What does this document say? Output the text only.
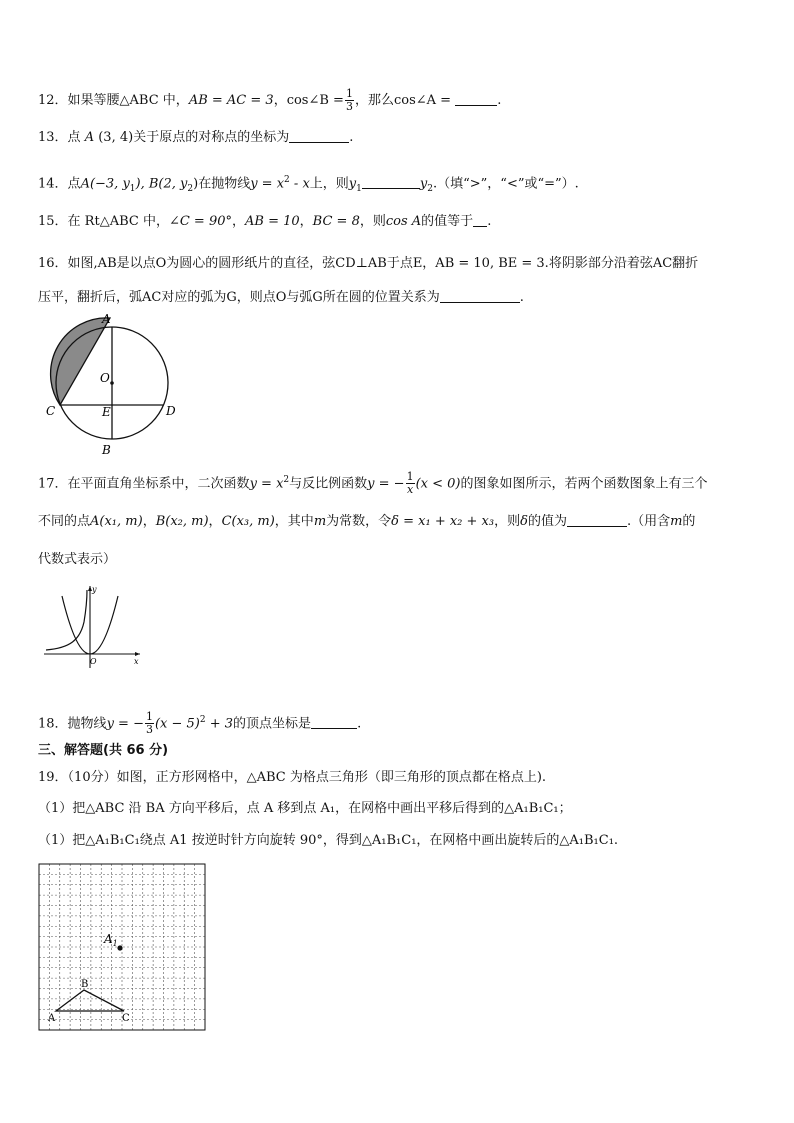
12．如果等腰△ABC 中，AB = AC = 3，cos∠B = $\frac{1}{3}$ ，那么cos∠A =	.
13．点 A (3, 4)关于原点的对称点的坐标为	.
14．点A(−3, $y_1$), B(2, $y_2$)在抛物线$y = x^2 - x$上，则$y_1$	$y_2$.（填“>”，“<”或“=”）.
15．在 Rt△ABC 中，∠C = 90°，AB = 10，BC = 8，则cos A的值等于 .
16．如图,AB是以点O为圆心的圆形纸片的直径，弦CD⊥AB于点E，AB = 10, BE = 3.将阴影部分沿着弦AC翻折
压平，翻折后，弧AC对应的弧为G，则点O与弧G所在圆的位置关系为	.
A
O
C	E	D
B
17．在平面直角坐标系中，二次函数$y = x^2$与反比例函数y = − $\frac{1}{x} (x < 0)$的图象如图所示，若两个函数图象上有三个
不同的点A(x₁, m)，B(x₂, m)，C(x₃, m)，其中m为常数，令δ = x₁ + x₂ + x₃，则δ的值为	.（用含m的
代数式表示）
y
x
O
18．抛物线y = − $\frac{1}{3} (x - 5)^2 + 3$的顶点坐标是	.
三、解答题(共 66 分)
19．（10分）如图，正方形网格中，△ABC 为格点三角形（即三角形的顶点都在格点上).
（1）把△ABC 沿 BA 方向平移后，点 A 移到点 A₁，在网格中画出平移后得到的△A₁B₁C₁；
（1）把△A₁B₁C₁绕点 A1 按逆时针方向旋转 90°，得到△A₁B₁C₁，在网格中画出旋转后的△A₁B₁C₁.
$A_1$
A
B
C
